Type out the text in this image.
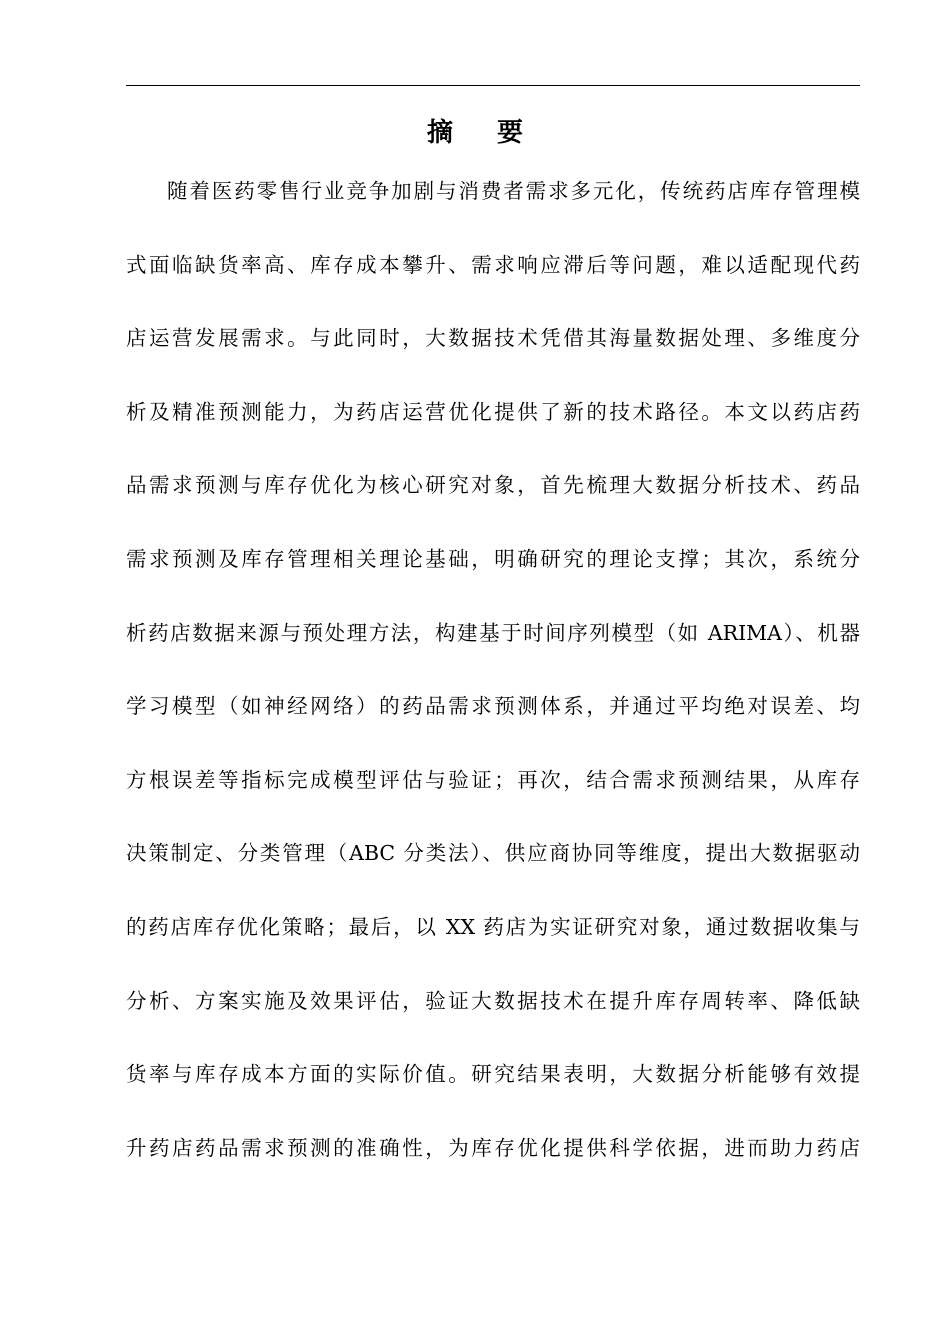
摘 要
随着医药零售行业竞争加剧与消费者需求多元化，传统药店库存管理模
式面临缺货率高、库存成本攀升、需求响应滞后等问题，难以适配现代药
店运营发展需求。与此同时，大数据技术凭借其海量数据处理、多维度分
析及精准预测能力，为药店运营优化提供了新的技术路径。本文以药店药
品需求预测与库存优化为核心研究对象，首先梳理大数据分析技术、药品
需求预测及库存管理相关理论基础，明确研究的理论支撑；其次，系统分
析药店数据来源与预处理方法，构建基于时间序列模型（如 ARIMA）、机器
学习模型（如神经网络）的药品需求预测体系，并通过平均绝对误差、均
方根误差等指标完成模型评估与验证；再次，结合需求预测结果，从库存
决策制定、分类管理（ABC 分类法）、供应商协同等维度，提出大数据驱动
的药店库存优化策略；最后，以 XX 药店为实证研究对象，通过数据收集与
分析、方案实施及效果评估，验证大数据技术在提升库存周转率、降低缺
货率与库存成本方面的实际价值。研究结果表明，大数据分析能够有效提
升药店药品需求预测的准确性，为库存优化提供科学依据，进而助力药店
